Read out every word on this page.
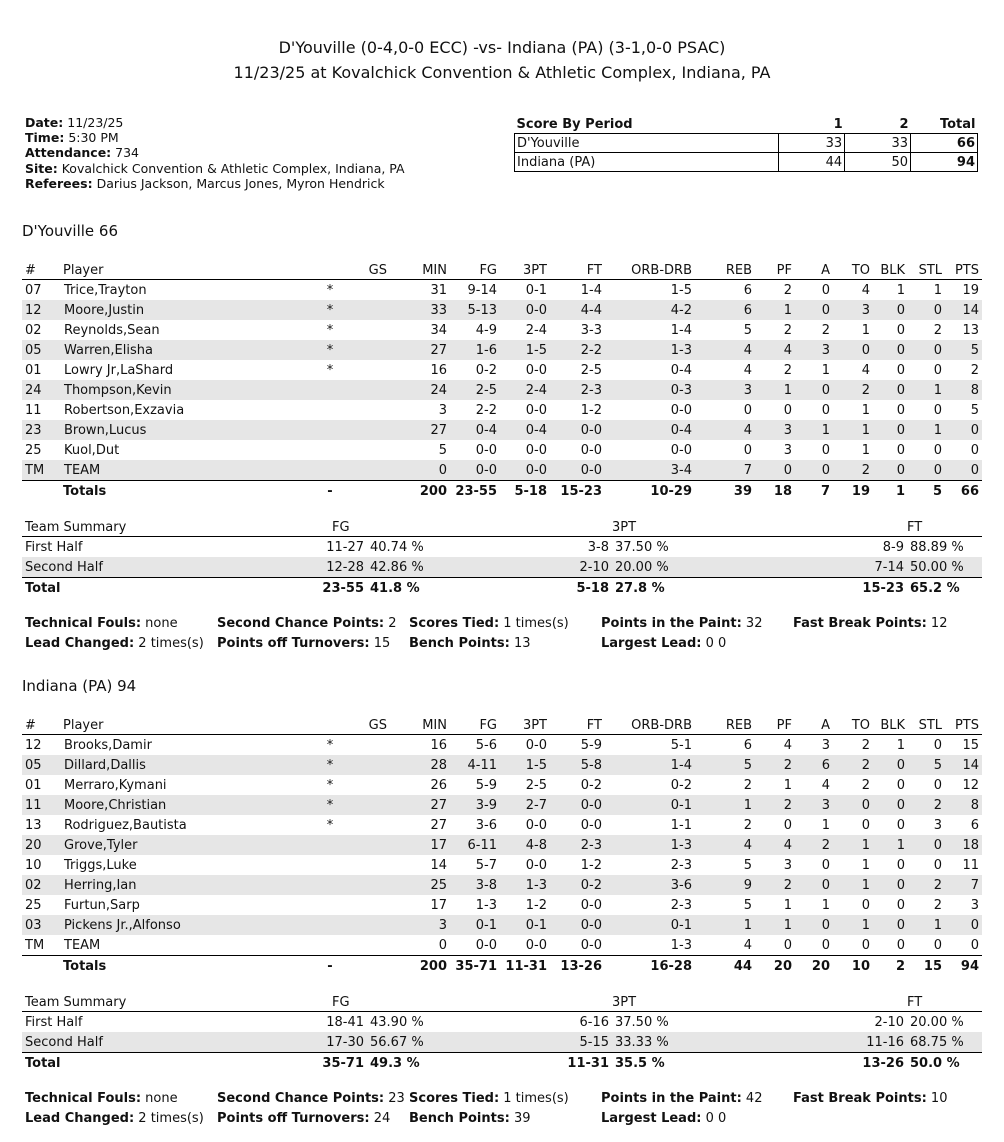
D'Youville (0-4,0-0 ECC) -vs- Indiana (PA) (3-1,0-0 PSAC)
11/23/25 at Kovalchick Convention & Athletic Complex, Indiana, PA
Date: 11/23/25
Time: 5:30 PM
Attendance: 734
Site: Kovalchick Convention & Athletic Complex, Indiana, PA
Referees: Darius Jackson, Marcus Jones, Myron Hendrick
Score By Period	1	2	Total
D'Youville	33	33	66
Indiana (PA)	44	50	94
D'Youville 66
#	Player	GS	MIN	FG	3PT	FT	ORB-DRB	REB	PF	A	TO	BLK	STL	PTS
07	Trice,Trayton	*	31	9-14	0-1	1-4	1-5	6	2	0	4	1	1	19
12	Moore,Justin	*	33	5-13	0-0	4-4	4-2	6	1	0	3	0	0	14
02	Reynolds,Sean	*	34	4-9	2-4	3-3	1-4	5	2	2	1	0	2	13
05	Warren,Elisha	*	27	1-6	1-5	2-2	1-3	4	4	3	0	0	0	5
01	Lowry Jr,LaShard	*	16	0-2	0-0	2-5	0-4	4	2	1	4	0	0	2
24	Thompson,Kevin		24	2-5	2-4	2-3	0-3	3	1	0	2	0	1	8
11	Robertson,Exzavia		3	2-2	0-0	1-2	0-0	0	0	0	1	0	0	5
23	Brown,Lucus		27	0-4	0-4	0-0	0-4	4	3	1	1	0	1	0
25	Kuol,Dut		5	0-0	0-0	0-0	0-0	0	3	0	1	0	0	0
TM	TEAM		0	0-0	0-0	0-0	3-4	7	0	0	2	0	0	0
	Totals	-	200	23-55	5-18	15-23	10-29	39	18	7	19	1	5	66
Team Summary	FG			3PT		FT
First Half	11-27	40.74 %	3-8	37.50 %	8-9	88.89 %
Second Half	12-28	42.86 %	2-10	20.00 %	7-14	50.00 %
Total	23-55	41.8 %	5-18	27.8 %	15-23	65.2 %
Technical Fouls: none	Second Chance Points: 2 Scores Tied: 1 times(s) Points in the Paint: 32 Fast Break Points: 12
Lead Changed: 2 times(s) Points off Turnovers: 15 Bench Points: 13	Largest Lead: 0 0
Indiana (PA) 94
#	Player	GS	MIN	FG	3PT	FT	ORB-DRB	REB	PF	A	TO	BLK	STL	PTS
12	Brooks,Damir	*	16	5-6	0-0	5-9	5-1	6	4	3	2	1	0	15
05	Dillard,Dallis	*	28	4-11	1-5	5-8	1-4	5	2	6	2	0	5	14
01	Merraro,Kymani	*	26	5-9	2-5	0-2	0-2	2	1	4	2	0	0	12
11	Moore,Christian	*	27	3-9	2-7	0-0	0-1	1	2	3	0	0	2	8
13	Rodriguez,Bautista	*	27	3-6	0-0	0-0	1-1	2	0	1	0	0	3	6
20	Grove,Tyler		17	6-11	4-8	2-3	1-3	4	4	2	1	1	0	18
10	Triggs,Luke		14	5-7	0-0	1-2	2-3	5	3	0	1	0	0	11
02	Herring,Ian		25	3-8	1-3	0-2	3-6	9	2	0	1	0	2	7
25	Furtun,Sarp		17	1-3	1-2	0-0	2-3	5	1	1	0	0	2	3
03	Pickens Jr.,Alfonso		3	0-1	0-1	0-0	0-1	1	1	0	1	0	1	0
TM	TEAM		0	0-0	0-0	0-0	1-3	4	0	0	0	0	0	0
	Totals	-	200	35-71	11-31	13-26	16-28	44	20	20	10	2	15	94
Team Summary	FG			3PT		FT
First Half	18-41	43.90 %	6-16	37.50 %	2-10	20.00 %
Second Half	17-30	56.67 %	5-15	33.33 %	11-16	68.75 %
Total	35-71	49.3 %	11-31	35.5 %	13-26	50.0 %
Technical Fouls: none	Second Chance Points: 23 Scores Tied: 1 times(s) Points in the Paint: 42 Fast Break Points: 10
Lead Changed: 2 times(s) Points off Turnovers: 24 Bench Points: 39	Largest Lead: 0 0
